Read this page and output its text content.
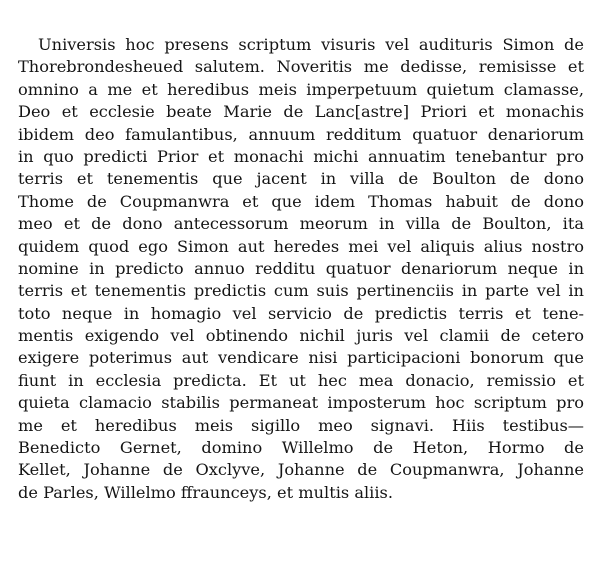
Universis hoc presens scriptum visuris vel audituris Simon de
Thorebrondesheued salutem. Noveritis me dedisse, remisisse et
omnino a me et heredibus meis imperpetuum quietum clamasse,
Deo et ecclesie beate Marie de Lanc[astre] Priori et monachis
ibidem deo famulantibus, annuum redditum quatuor denariorum
in quo predicti Prior et monachi michi annuatim tenebantur pro
terris et tenementis que jacent in villa de Boulton de dono
Thome de Coupmanwra et que idem Thomas habuit de dono
meo et de dono antecessorum meorum in villa de Boulton, ita
quidem quod ego Simon aut heredes mei vel aliquis alius nostro
nomine in predicto annuo redditu quatuor denariorum neque in
terris et tenementis predictis cum suis pertinenciis in parte vel in
toto neque in homagio vel servicio de predictis terris et tene-
mentis exigendo vel obtinendo nichil juris vel clamii de cetero
exigere poterimus aut vendicare nisi participacioni bonorum que
fiunt in ecclesia predicta. Et ut hec mea donacio, remissio et
quieta clamacio stabilis permaneat imposterum hoc scriptum pro
me et heredibus meis sigillo meo signavi. Hiis testibus—
Benedicto Gernet, domino Willelmo de Heton, Hormo de
Kellet, Johanne de Oxclyve, Johanne de Coupmanwra, Johanne
de Parles, Willelmo ffraunceys, et multis aliis.
